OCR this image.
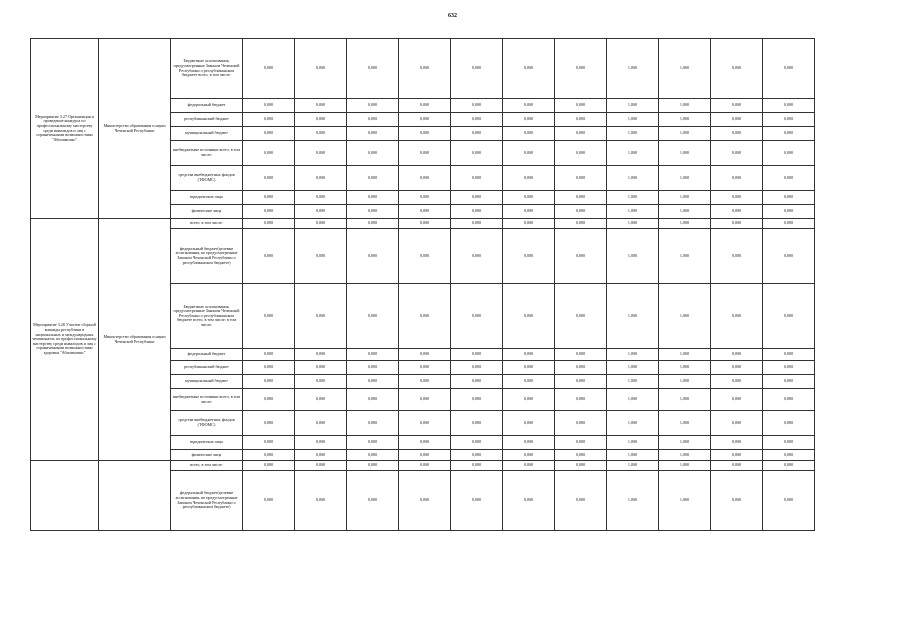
632
Мероприятие 3.27 Организация и проведение конкурса по профессиональному мастерству среди инвалидов и лиц с ограниченными возможностями "Абилимпикс"	Министерство образования и науки Чеченской Республики	Бюджетные ассигнования, предусмотренные Законом Чеченской Республики о республиканском бюджете всего, в том числе:	0,000	0,000	0,000	0,000	0,000	0,000	0,000	1,000	1,000	0,000	0,000
		федеральный бюджет	0,000	0,000	0,000	0,000	0,000	0,000	0,000	1,000	1,000	0,000	0,000
		республиканский бюджет	0,000	0,000	0,000	0,000	0,000	0,000	0,000	1,000	1,000	0,000	0,000
		муниципальный бюджет	0,000	0,000	0,000	0,000	0,000	0,000	0,000	1,000	1,000	0,000	0,000
		внебюджетные источники всего, в том числе:	0,000	0,000	0,000	0,000	0,000	0,000	0,000	1,000	1,000	0,000	0,000
		средства внебюджетных фондов (ТФОМС)	0,000	0,000	0,000	0,000	0,000	0,000	0,000	1,000	1,000	0,000	0,000
		юридические лица	0,000	0,000	0,000	0,000	0,000	0,000	0,000	1,000	1,000	0,000	0,000
		физические лица	0,000	0,000	0,000	0,000	0,000	0,000	0,000	1,000	1,000	0,000	0,000
Мероприятие 3.28 Участие сборной команды республики в национальных и международных чемпионатах по профессиональному мастерству среди инвалидов и лиц с ограниченными возможностями здоровья "Абилимпикс"	Министерство образования и науки Чеченской Республики	всего, в том числе:	0,000	0,000	0,000	0,000	0,000	0,000	0,000	1,000	1,000	0,000	0,000
		федеральный бюджет(целевые ассигнования, не предусмотренные Законом Чеченской Республики о республиканском бюджете)	0,000	0,000	0,000	0,000	0,000	0,000	0,000	1,000	1,000	0,000	0,000
		Бюджетные ассигнования, предусмотренные Законом Чеченской Республики о республиканском бюджете всего, в том числе: в том числе:	0,000	0,000	0,000	0,000	0,000	0,000	0,000	1,000	1,000	0,000	0,000
		федеральный бюджет	0,000	0,000	0,000	0,000	0,000	0,000	0,000	1,000	1,000	0,000	0,000
		республиканский бюджет	0,000	0,000	0,000	0,000	0,000	0,000	0,000	1,000	1,000	0,000	0,000
		муниципальный бюджет	0,000	0,000	0,000	0,000	0,000	0,000	0,000	1,000	1,000	0,000	0,000
		внебюджетные источники всего, в том числе:	0,000	0,000	0,000	0,000	0,000	0,000	0,000	1,000	1,000	0,000	0,000
		средства внебюджетных фондов (ТФОМС)	0,000	0,000	0,000	0,000	0,000	0,000	0,000	1,000	1,000	0,000	0,000
		юридические лица	0,000	0,000	0,000	0,000	0,000	0,000	0,000	1,000	1,000	0,000	0,000
		физические лица	0,000	0,000	0,000	0,000	0,000	0,000	0,000	1,000	1,000	0,000	0,000
		всего, в том числе:	0,000	0,000	0,000	0,000	0,000	0,000	0,000	1,000	1,000	0,000	0,000
		федеральный бюджет(целевые ассигнования, не предусмотренные Законом Чеченской Республики о республиканском бюджете)	0,000	0,000	0,000	0,000	0,000	0,000	0,000	1,000	1,000	0,000	0,000
